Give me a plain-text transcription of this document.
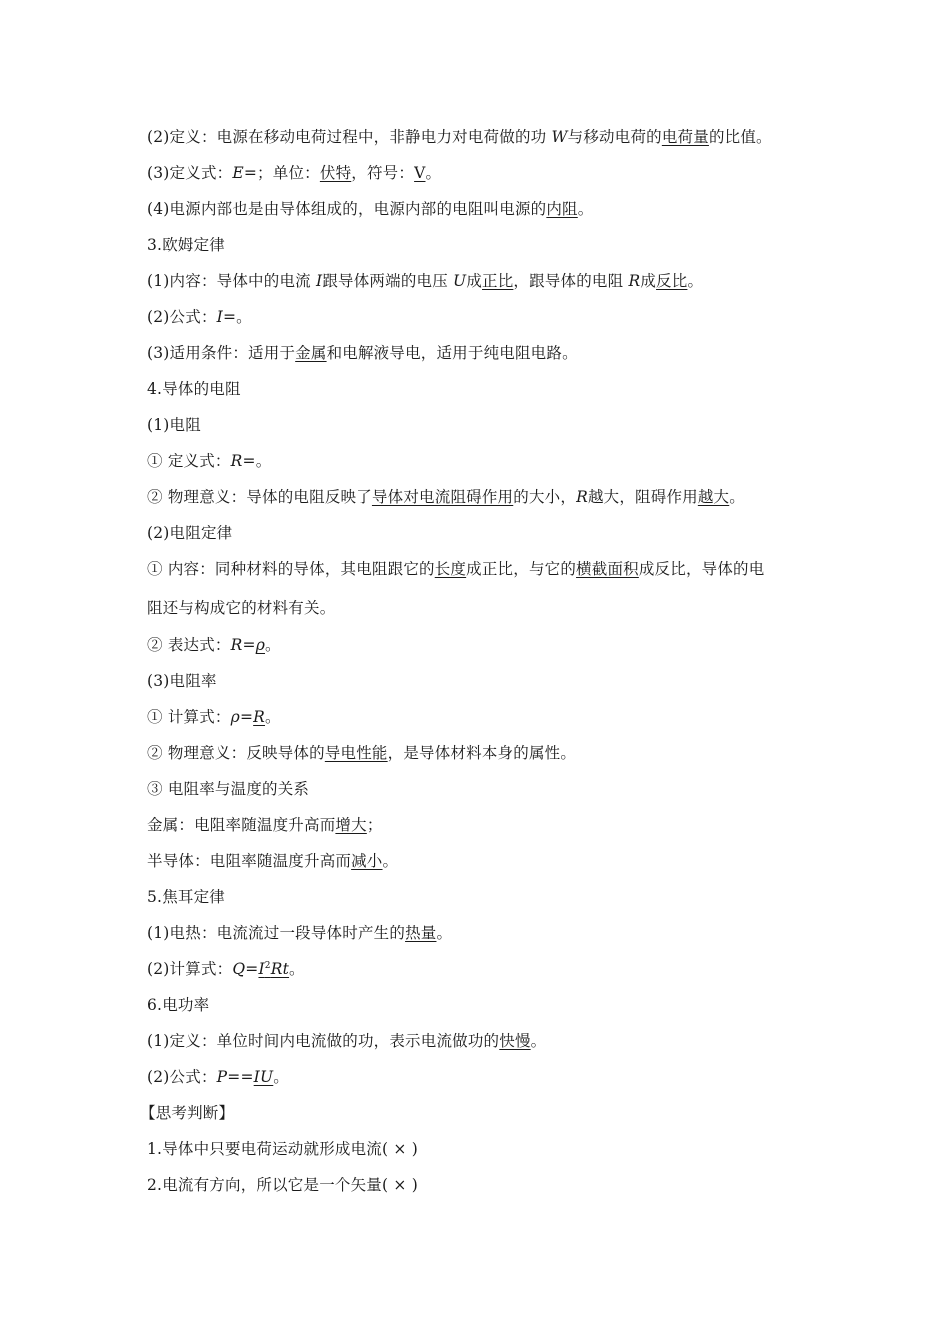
(2)定义：电源在移动电荷过程中，非静电力对电荷做的功 W与移动电荷的电荷量的比值。
(3)定义式：E=；单位：伏特，符号：V。
(4)电源内部也是由导体组成的，电源内部的电阻叫电源的内阻。
3.欧姆定律
(1)内容：导体中的电流 I跟导体两端的电压 U成正比，跟导体的电阻 R成反比。
(2)公式：I=。
(3)适用条件：适用于金属和电解液导电，适用于纯电阻电路。
4.导体的电阻
(1)电阻
① 定义式：R=。
② 物理意义：导体的电阻反映了导体对电流阻碍作用的大小，R越大，阻碍作用越大。
(2)电阻定律
① 内容：同种材料的导体，其电阻跟它的长度成正比，与它的横截面积成反比，导体的电
阻还与构成它的材料有关。
② 表达式：R=ρ。
(3)电阻率
① 计算式：ρ=R。
② 物理意义：反映导体的导电性能，是导体材料本身的属性。
③ 电阻率与温度的关系
金属：电阻率随温度升高而增大；
半导体：电阻率随温度升高而减小。
5.焦耳定律
(1)电热：电流流过一段导体时产生的热量。
(2)计算式：$Q=I^2Rt$。
6.电功率
(1)定义：单位时间内电流做的功，表示电流做功的快慢。
(2)公式：P==IU。
【思考判断】
1.导体中只要电荷运动就形成电流( × )
2.电流有方向，所以它是一个矢量( × )
